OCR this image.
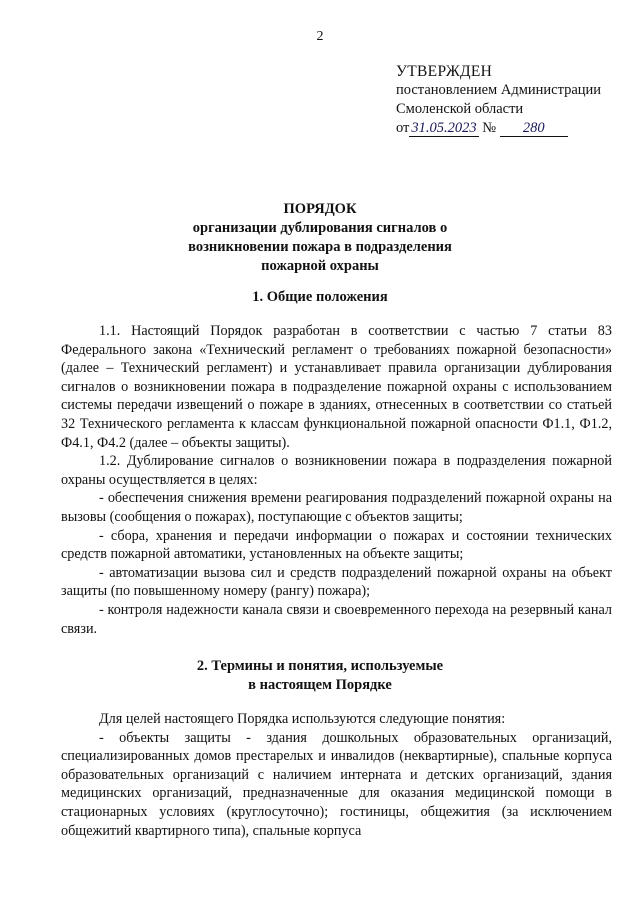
2
УТВЕРЖДЕН
постановлением Администрации
Смоленской области
от 31.05.2023 № 280
ПОРЯДОК
организации дублирования сигналов о
возникновении пожара в подразделения
пожарной охраны
1. Общие положения

1.1. Настоящий Порядок разработан в соответствии с частью 7 статьи 83 Федерального закона «Технический регламент о требованиях пожарной безопасности» (далее – Технический регламент) и устанавливает правила организации дублирования сигналов о возникновении пожара в подразделение пожарной охраны с использованием системы передачи извещений о пожаре в зданиях, отнесенных в соответствии со статьей 32 Технического регламента к классам функциональной пожарной опасности Ф1.1, Ф1.2, Ф4.1, Ф4.2 (далее – объекты защиты).

1.2. Дублирование сигналов о возникновении пожара в подразделения пожарной охраны осуществляется в целях:

- обеспечения снижения времени реагирования подразделений пожарной охраны на вызовы (сообщения о пожарах), поступающие с объектов защиты;

- сбора, хранения и передачи информации о пожарах и состоянии технических средств пожарной автоматики, установленных на объекте защиты;

- автоматизации вызова сил и средств подразделений пожарной охраны на объект защиты (по повышенному номеру (рангу) пожара);

- контроля надежности канала связи и своевременного перехода на резервный канал связи.

2. Термины и понятия, используемые
в настоящем Порядке

Для целей настоящего Порядка используются следующие понятия:

- объекты защиты - здания дошкольных образовательных организаций, специализированных домов престарелых и инвалидов (неквартирные), спальные корпуса образовательных организаций с наличием интерната и детских организаций, здания медицинских организаций, предназначенные для оказания медицинской помощи в стационарных условиях (круглосуточно); гостиницы, общежития (за исключением общежитий квартирного типа), спальные корпуса
